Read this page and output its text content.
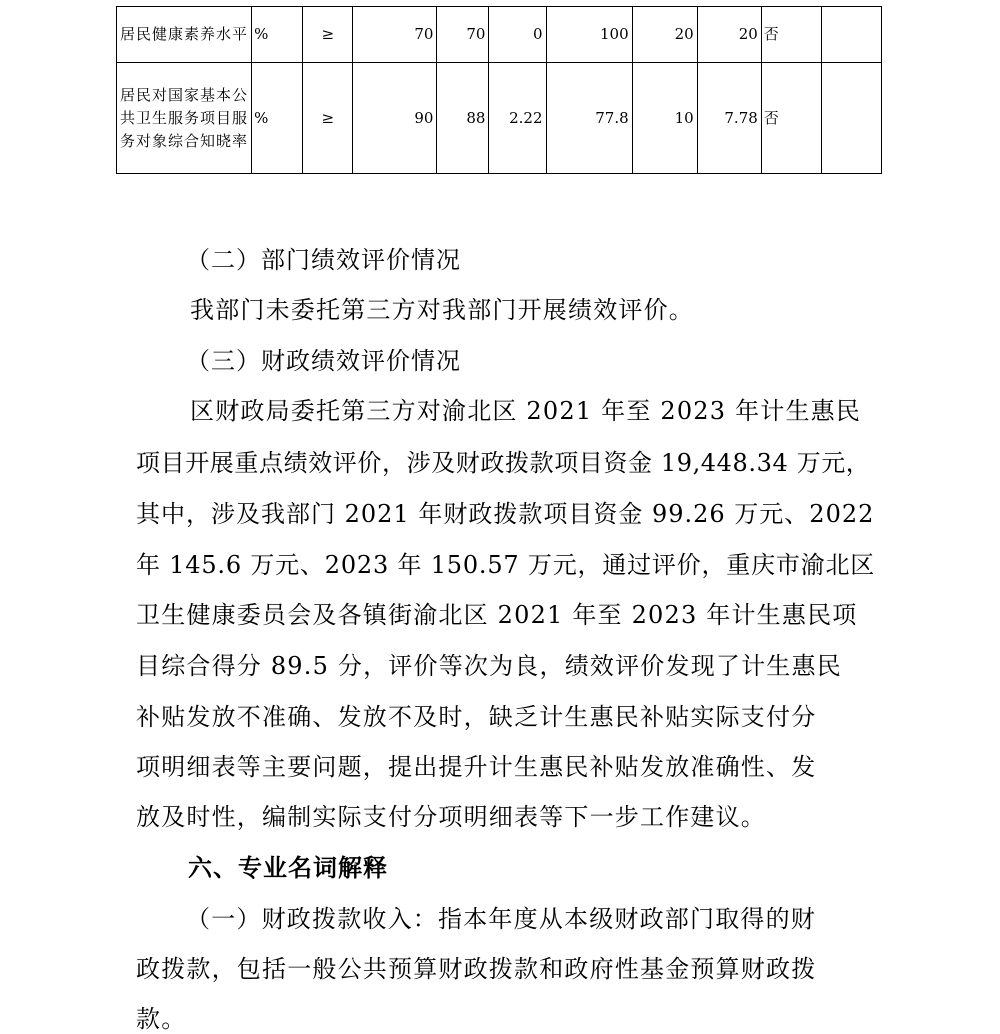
居民健康素养水平	%	≥	70	70	0	100	20	20	否	
居民对国家基本公共卫生服务项目服务对象综合知晓率	%	≥	90	88	2.22	77.8	10	7.78	否	
（二）部门绩效评价情况
我部门未委托第三方对我部门开展绩效评价。
（三）财政绩效评价情况
区财政局委托第三方对渝北区 2021 年至 2023 年计生惠民
项目开展重点绩效评价，涉及财政拨款项目资金 19,448.34 万元，
其中，涉及我部门 2021 年财政拨款项目资金 99.26 万元、2022
年 145.6 万元、2023 年 150.57 万元，通过评价，重庆市渝北区
卫生健康委员会及各镇街渝北区 2021 年至 2023 年计生惠民项
目综合得分 89.5 分，评价等次为良，绩效评价发现了计生惠民
补贴发放不准确、发放不及时，缺乏计生惠民补贴实际支付分
项明细表等主要问题，提出提升计生惠民补贴发放准确性、发
放及时性，编制实际支付分项明细表等下一步工作建议。
六、专业名词解释
（一）财政拨款收入：指本年度从本级财政部门取得的财
政拨款，包括一般公共预算财政拨款和政府性基金预算财政拨
款。
